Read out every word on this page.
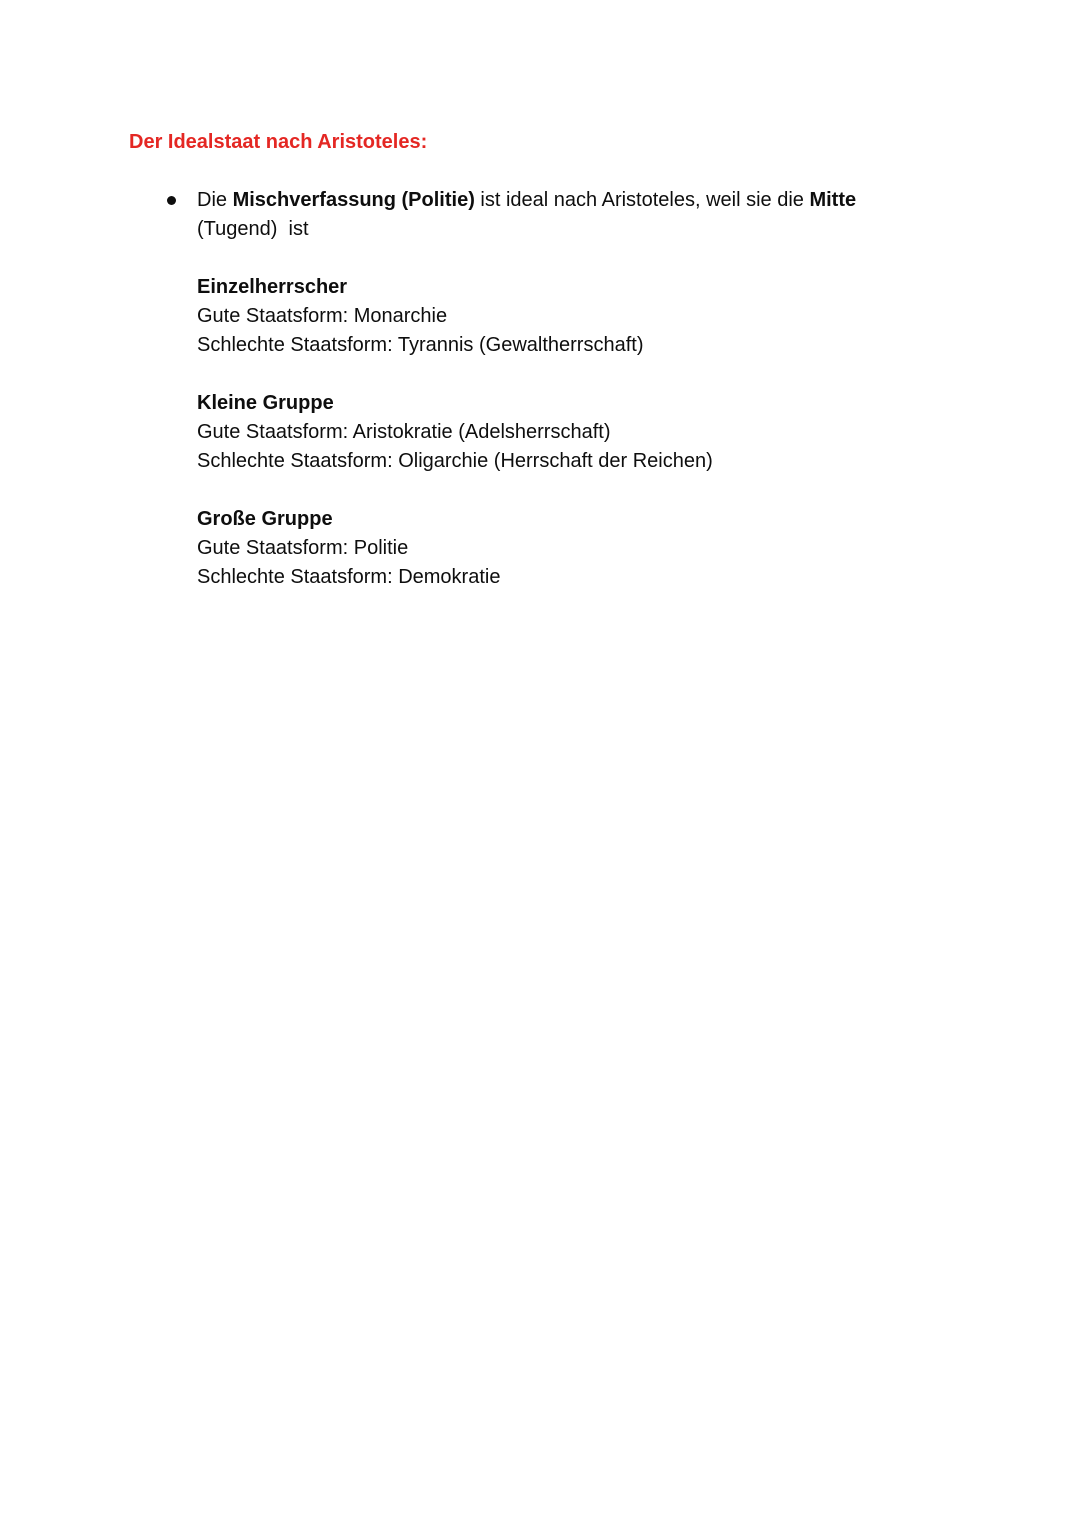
Der Idealstaat nach Aristoteles:
Die Mischverfassung (Politie) ist ideal nach Aristoteles, weil sie die Mitte
(Tugend)  ist
Einzelherrscher
Gute Staatsform: Monarchie
Schlechte Staatsform: Tyrannis (Gewaltherrschaft)
Kleine Gruppe
Gute Staatsform: Aristokratie (Adelsherrschaft)
Schlechte Staatsform: Oligarchie (Herrschaft der Reichen)
Große Gruppe
Gute Staatsform: Politie
Schlechte Staatsform: Demokratie
